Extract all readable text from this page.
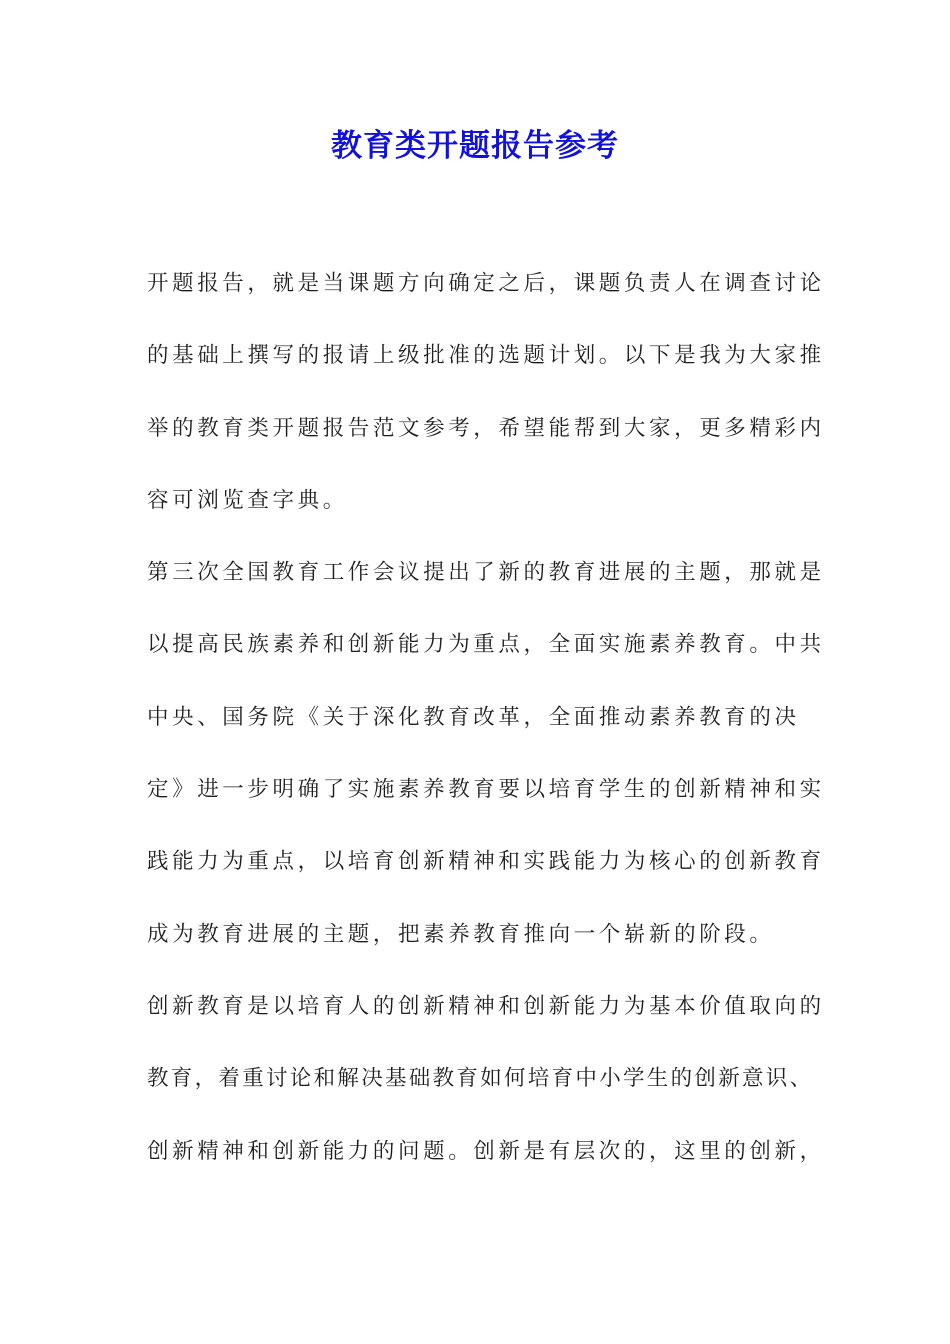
教育类开题报告参考
开题报告，就是当课题方向确定之后，课题负责人在调查讨论
的基础上撰写的报请上级批准的选题计划。以下是我为大家推
举的教育类开题报告范文参考，希望能帮到大家，更多精彩内
容可浏览查字典。
第三次全国教育工作会议提出了新的教育进展的主题，那就是
以提高民族素养和创新能力为重点，全面实施素养教育。中共
中央、国务院《关于深化教育改革，全面推动素养教育的决
定》进一步明确了实施素养教育要以培育学生的创新精神和实
践能力为重点，以培育创新精神和实践能力为核心的创新教育
成为教育进展的主题，把素养教育推向一个崭新的阶段。
创新教育是以培育人的创新精神和创新能力为基本价值取向的
教育，着重讨论和解决基础教育如何培育中小学生的创新意识、
创新精神和创新能力的问题。创新是有层次的，这里的创新，
